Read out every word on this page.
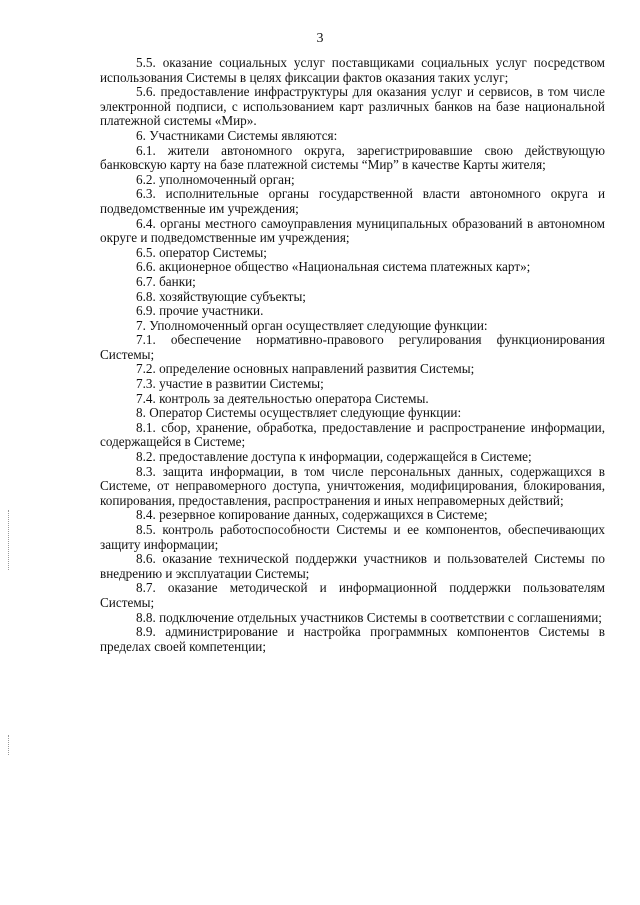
3

5.5. оказание социальных услуг поставщиками социальных услуг посредством использования Системы в целях фиксации фактов оказания таких услуг;

5.6. предоставление инфраструктуры для оказания услуг и сервисов, в том числе электронной подписи, с использованием карт различных банков на базе национальной платежной системы «Мир».

6. Участниками Системы являются:

6.1. жители автономного округа, зарегистрировавшие свою действующую банковскую карту на базе платежной системы “Мир” в качестве Карты жителя;

6.2. уполномоченный орган;

6.3. исполнительные органы государственной власти автономного округа и подведомственные им учреждения;

6.4. органы местного самоуправления муниципальных образований в автономном округе и подведомственные им учреждения;

6.5. оператор Системы;

6.6. акционерное общество «Национальная система платежных карт»;

6.7. банки;

6.8. хозяйствующие субъекты;

6.9. прочие участники.

7. Уполномоченный орган осуществляет следующие функции:

7.1. обеспечение нормативно-правового регулирования функционирования Системы;

7.2. определение основных направлений развития Системы;

7.3. участие в развитии Системы;

7.4. контроль за деятельностью оператора Системы.

8. Оператор Системы осуществляет следующие функции:

8.1. сбор, хранение, обработка, предоставление и распространение информации, содержащейся в Системе;

8.2. предоставление доступа к информации, содержащейся в Системе;

8.3. защита информации, в том числе персональных данных, содержащихся в Системе, от неправомерного доступа, уничтожения, модифицирования, блокирования, копирования, предоставления, распространения и иных неправомерных действий;

8.4. резервное копирование данных, содержащихся в Системе;

8.5. контроль работоспособности Системы и ее компонентов, обеспечивающих защиту информации;

8.6. оказание технической поддержки участников и пользователей Системы по внедрению и эксплуатации Системы;

8.7. оказание методической и информационной поддержки пользователям Системы;

8.8. подключение отдельных участников Системы в соответствии с соглашениями;

8.9. администрирование и настройка программных компонентов Системы в пределах своей компетенции;
